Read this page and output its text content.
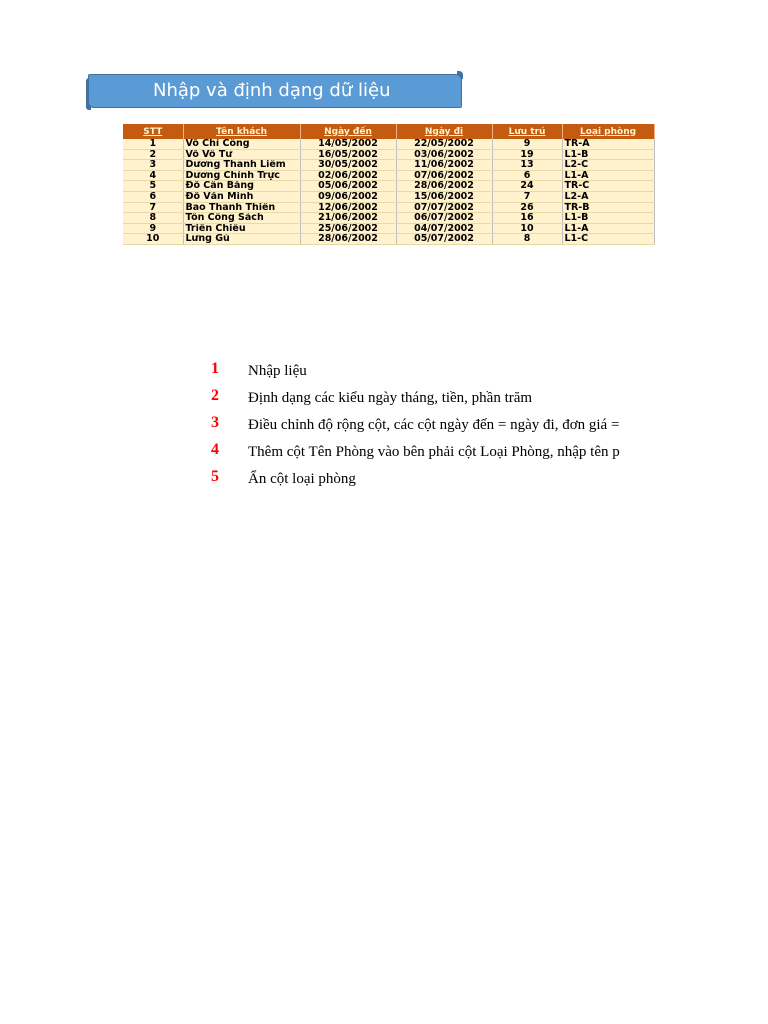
Nhập và định dạng dữ liệu
STT	Tên khách	Ngày đến	Ngày đi	Lưu trú	Loại phòng
1	Võ Chí Công	14/05/2002	22/05/2002	9	TR-A
2	Võ Vô Tư	16/05/2002	03/06/2002	19	L1-B
3	Dương Thanh Liêm	30/05/2002	11/06/2002	13	L2-C
4	Dương Chính Trực	02/06/2002	07/06/2002	6	L1-A
5	Đỗ Cân Bằng	05/06/2002	28/06/2002	24	TR-C
6	Đỗ Văn Minh	09/06/2002	15/06/2002	7	L2-A
7	Bao Thanh Thiên	12/06/2002	07/07/2002	26	TR-B
8	Tôn Công Sách	21/06/2002	06/07/2002	16	L1-B
9	Triển Chiêu	25/06/2002	04/07/2002	10	L1-A
10	Lưng Gù	28/06/2002	05/07/2002	8	L1-C
1 Nhập liệu
2 Định dạng các kiểu ngày tháng, tiền, phần trăm
3 Điều chỉnh độ rộng cột, các cột ngày đến = ngày đi, đơn giá =
4 Thêm cột Tên Phòng vào bên phải cột Loại Phòng, nhập tên p
5 Ẩn cột loại phòng
